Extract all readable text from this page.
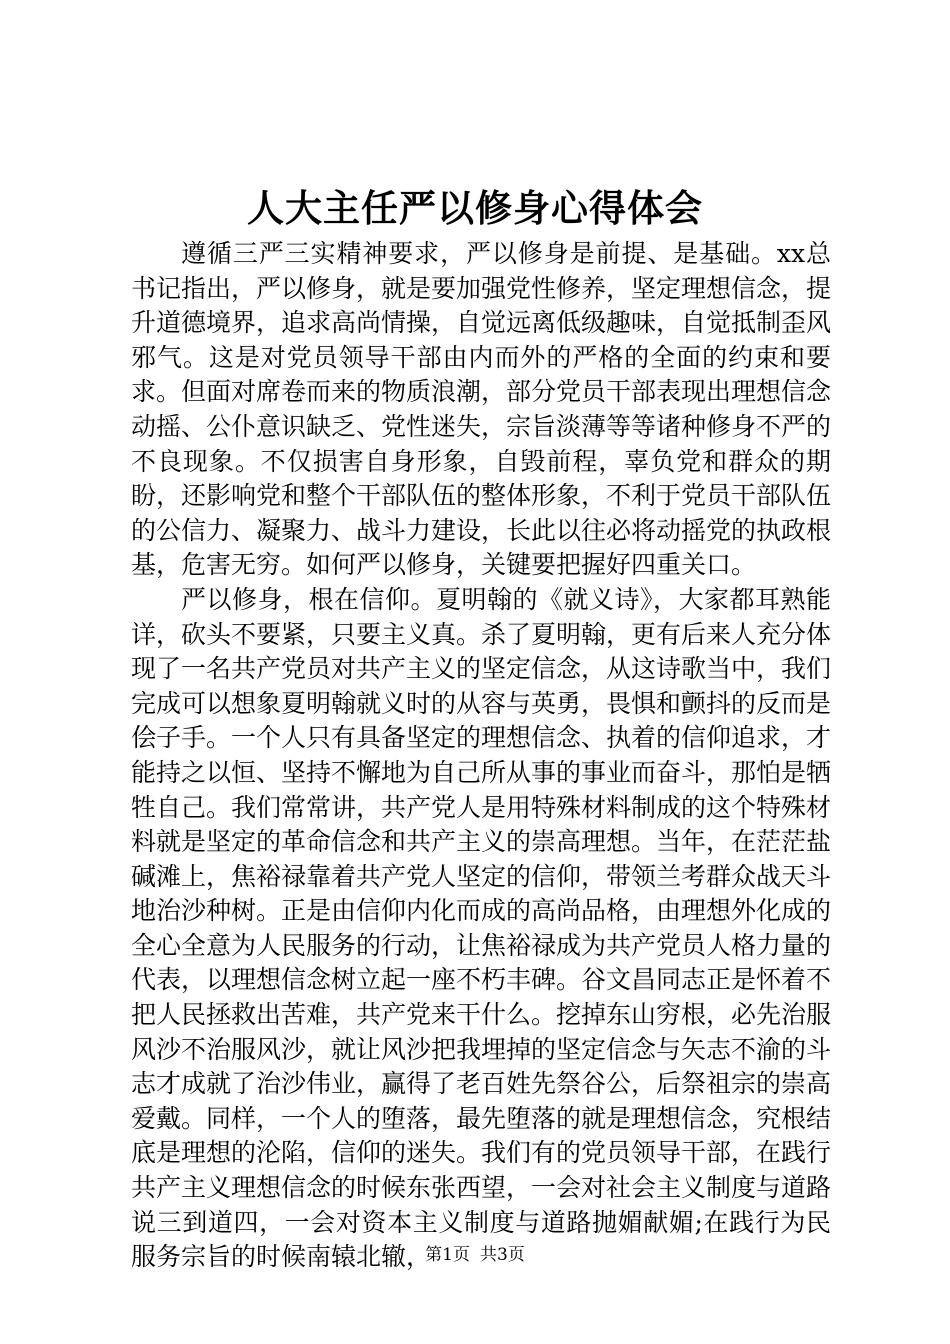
人大主任严以修身心得体会

遵循三严三实精神要求，严以修身是前提、是基础。xx总书记指出，严以修身，就是要加强党性修养，坚定理想信念，提升道德境界，追求高尚情操，自觉远离低级趣味，自觉抵制歪风邪气。这是对党员领导干部由内而外的严格的全面的约束和要求。但面对席卷而来的物质浪潮，部分党员干部表现出理想信念动摇、公仆意识缺乏、党性迷失，宗旨淡薄等等诸种修身不严的不良现象。不仅损害自身形象，自毁前程，辜负党和群众的期盼，还影响党和整个干部队伍的整体形象，不利于党员干部队伍的公信力、凝聚力、战斗力建设，长此以往必将动摇党的执政根基，危害无穷。如何严以修身，关键要把握好四重关口。

严以修身，根在信仰。夏明翰的《就义诗》，大家都耳熟能详，砍头不要紧，只要主义真。杀了夏明翰，更有后来人充分体现了一名共产党员对共产主义的坚定信念，从这诗歌当中，我们完成可以想象夏明翰就义时的从容与英勇，畏惧和颤抖的反而是侩子手。一个人只有具备坚定的理想信念、执着的信仰追求，才能持之以恒、坚持不懈地为自己所从事的事业而奋斗，那怕是牺牲自己。我们常常讲，共产党人是用特殊材料制成的这个特殊材料就是坚定的革命信念和共产主义的崇高理想。当年，在茫茫盐碱滩上，焦裕禄靠着共产党人坚定的信仰，带领兰考群众战天斗地治沙种树。正是由信仰内化而成的高尚品格，由理想外化成的全心全意为人民服务的行动，让焦裕禄成为共产党员人格力量的代表，以理想信念树立起一座不朽丰碑。谷文昌同志正是怀着不把人民拯救出苦难，共产党来干什么。挖掉东山穷根，必先治服风沙不治服风沙，就让风沙把我埋掉的坚定信念与矢志不渝的斗志才成就了治沙伟业，赢得了老百姓先祭谷公，后祭祖宗的崇高爱戴。同样，一个人的堕落，最先堕落的就是理想信念，究根结底是理想的沦陷，信仰的迷失。我们有的党员领导干部，在践行共产主义理想信念的时候东张西望，一会对社会主义制度与道路说三到道四，一会对资本主义制度与道路抛媚献媚;在践行为民服务宗旨的时候南辕北辙，

第1页 共3页
